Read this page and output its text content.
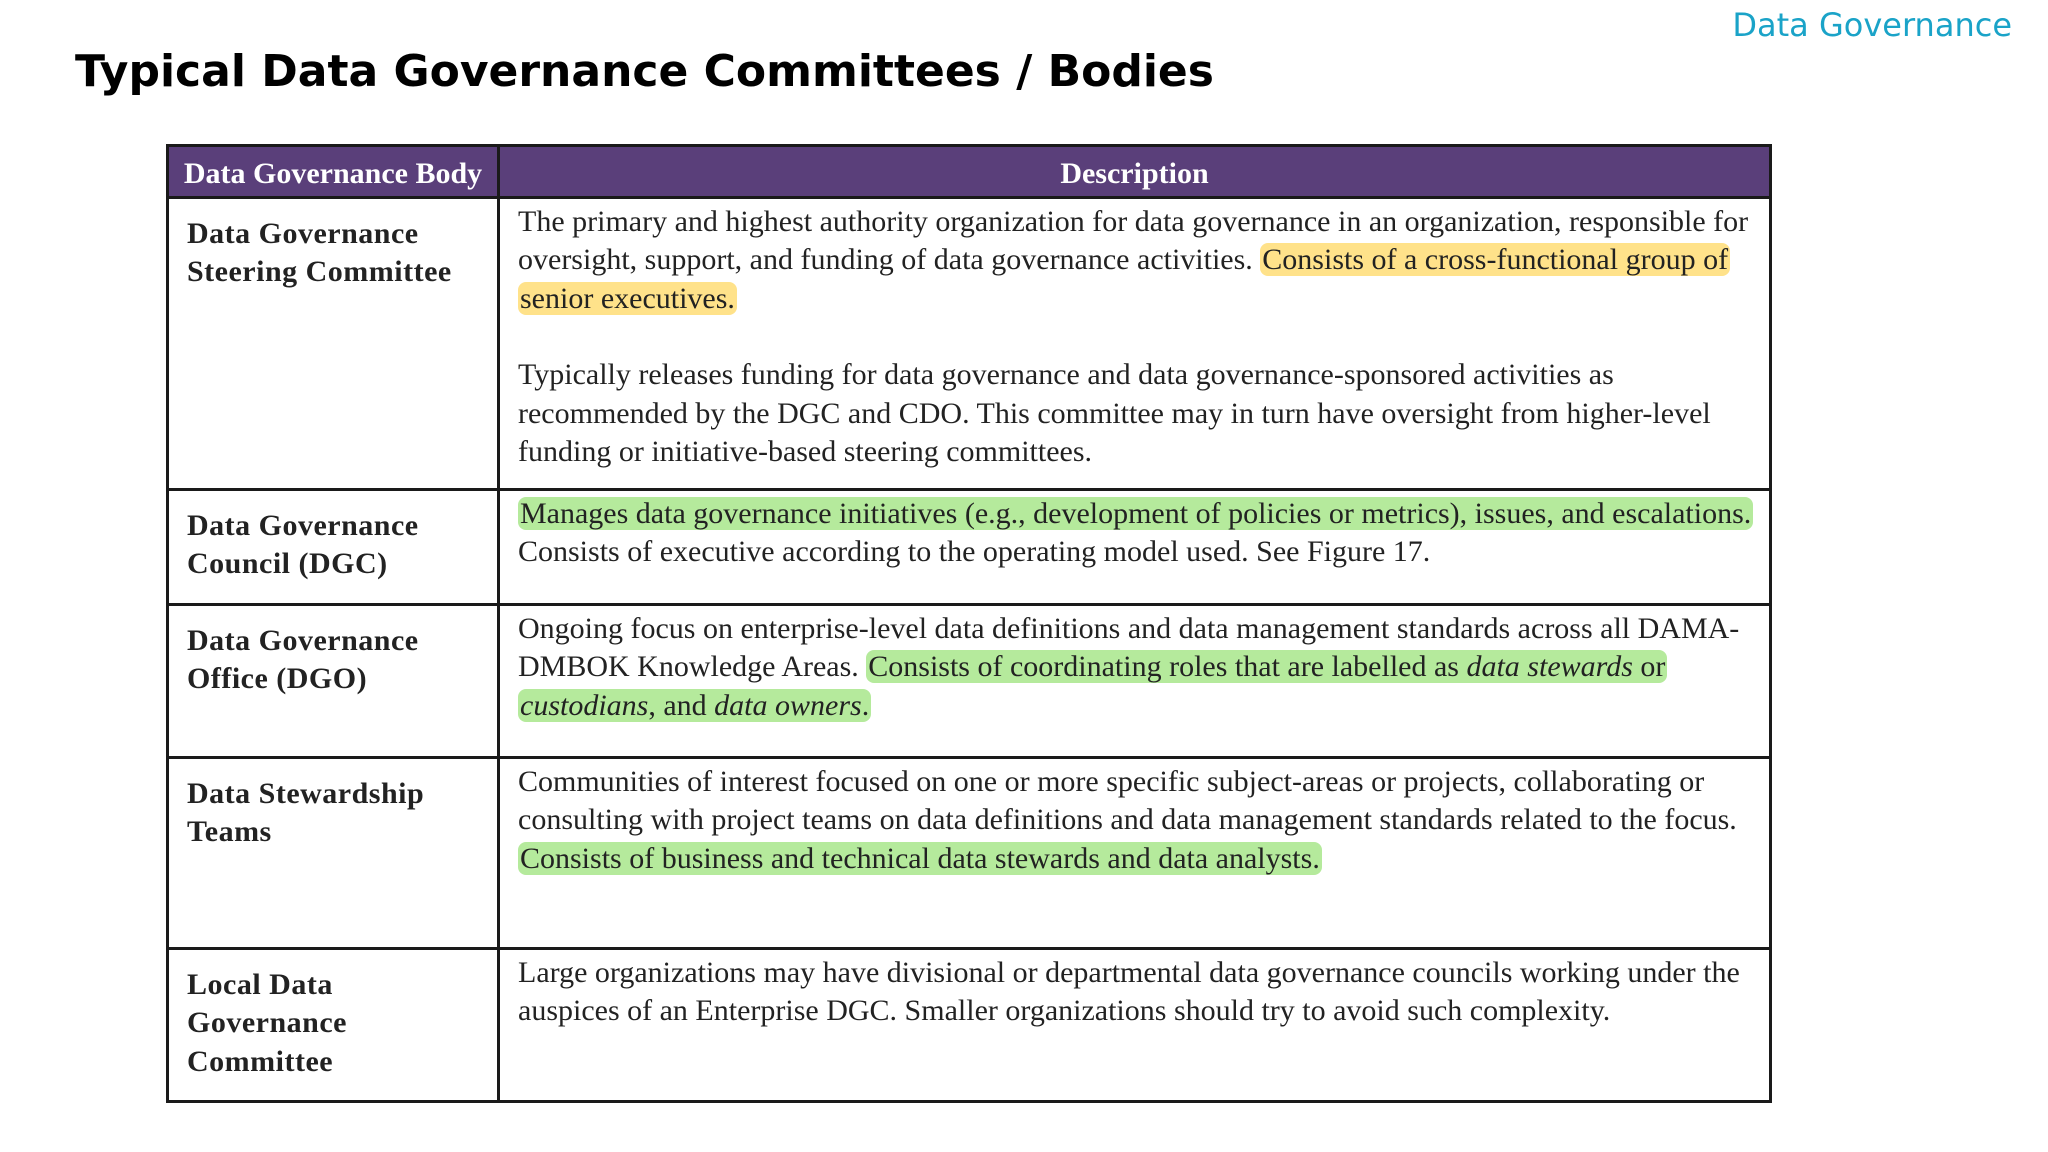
Data Governance
Typical Data Governance Committees / Bodies
Data Governance Body	Description
Data Governance Steering Committee	The primary and highest authority organization for data governance in an organization, responsible for oversight, support, and funding of data governance activities. Consists of a cross-functional group of senior executives.
Typically releases funding for data governance and data governance-sponsored activities as recommended by the DGC and CDO. This committee may in turn have oversight from higher-level funding or initiative-based steering committees.

Data Governance Council (DGC)	Manages data governance initiatives (e.g., development of policies or metrics), issues, and escalations. Consists of executive according to the operating model used. See Figure 17.
Data Governance Office (DGO)	Ongoing focus on enterprise-level data definitions and data management standards across all DAMA-DMBOK Knowledge Areas. Consists of coordinating roles that are labelled as data stewards or custodians, and data owners.
Data Stewardship Teams	Communities of interest focused on one or more specific subject-areas or projects, collaborating or consulting with project teams on data definitions and data management standards related to the focus. Consists of business and technical data stewards and data analysts.
Local Data Governance Committee	Large organizations may have divisional or departmental data governance councils working under the auspices of an Enterprise DGC. Smaller organizations should try to avoid such complexity.
